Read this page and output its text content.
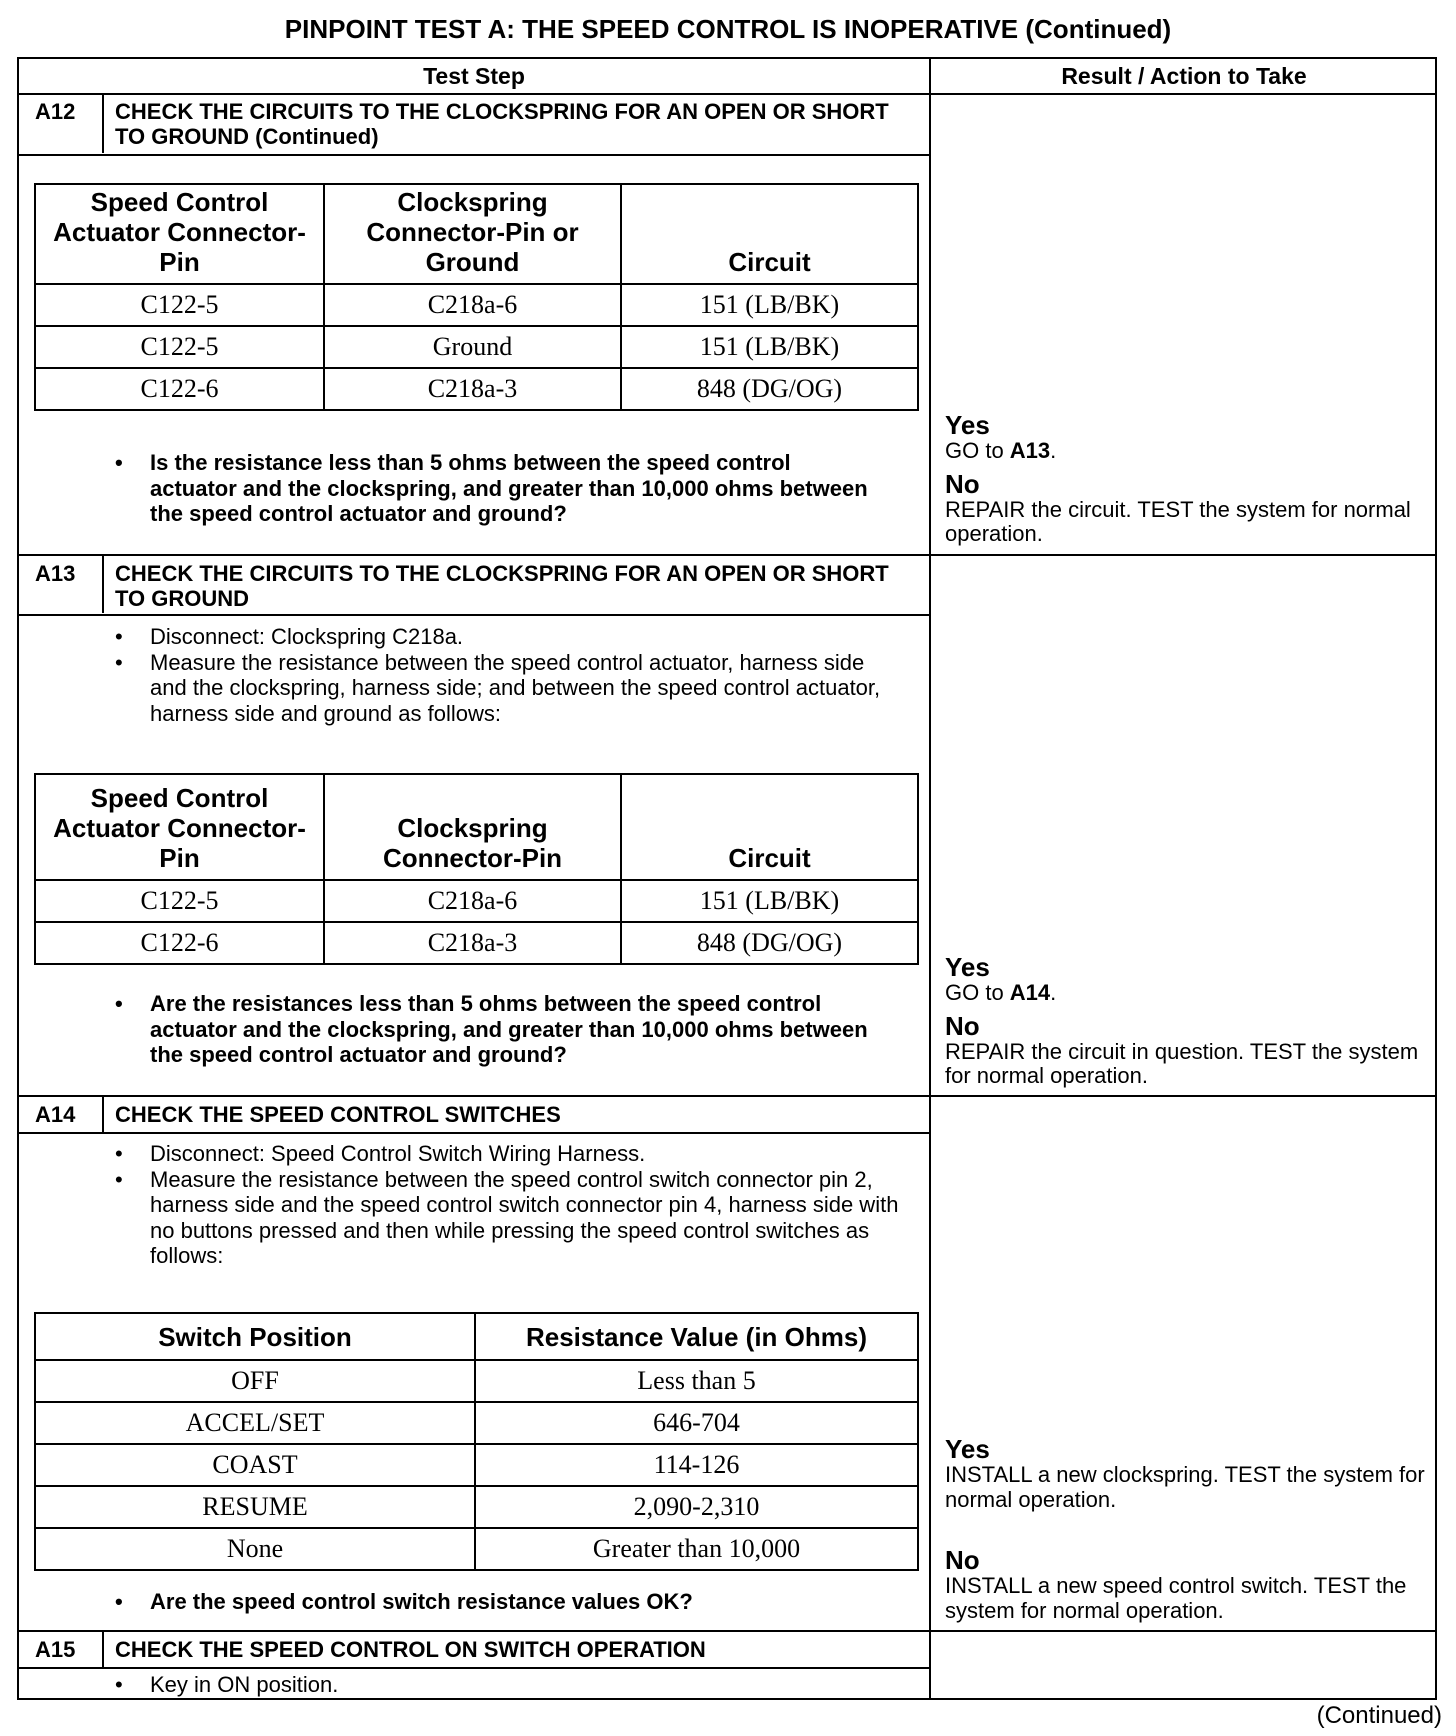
PINPOINT TEST A: THE SPEED CONTROL IS INOPERATIVE (Continued)
Test Step	Result / Action to Take
A12 CHECK THE CIRCUITS TO THE CLOCKSPRING FOR AN OPEN OR SHORT TO GROUND (Continued)
Speed Control Actuator Connector-Pin	Clockspring Connector-Pin or Ground	Circuit
C122-5	C218a-6	151 (LB/BK)
C122-5	Ground	151 (LB/BK)
C122-6	C218a-3	848 (DG/OG)
• Is the resistance less than 5 ohms between the speed control actuator and the clockspring, and greater than 10,000 ohms between the speed control actuator and ground?
Yes
GO to A13.
No
REPAIR the circuit. TEST the system for normal operation.
A13 CHECK THE CIRCUITS TO THE CLOCKSPRING FOR AN OPEN OR SHORT TO GROUND
• Disconnect: Clockspring C218a.
• Measure the resistance between the speed control actuator, harness side and the clockspring, harness side; and between the speed control actuator, harness side and ground as follows:
Speed Control Actuator Connector-Pin	Clockspring Connector-Pin	Circuit
C122-5	C218a-6	151 (LB/BK)
C122-6	C218a-3	848 (DG/OG)
• Are the resistances less than 5 ohms between the speed control actuator and the clockspring, and greater than 10,000 ohms between the speed control actuator and ground?
Yes
GO to A14.
No
REPAIR the circuit in question. TEST the system for normal operation.
A14 CHECK THE SPEED CONTROL SWITCHES
• Disconnect: Speed Control Switch Wiring Harness.
• Measure the resistance between the speed control switch connector pin 2, harness side and the speed control switch connector pin 4, harness side with no buttons pressed and then while pressing the speed control switches as follows:
Switch Position	Resistance Value (in Ohms)
OFF	Less than 5
ACCEL/SET	646-704
COAST	114-126
RESUME	2,090-2,310
None	Greater than 10,000
• Are the speed control switch resistance values OK?
Yes
INSTALL a new clockspring. TEST the system for normal operation.
No
INSTALL a new speed control switch. TEST the system for normal operation.
A15 CHECK THE SPEED CONTROL ON SWITCH OPERATION
• Key in ON position.
(Continued)
